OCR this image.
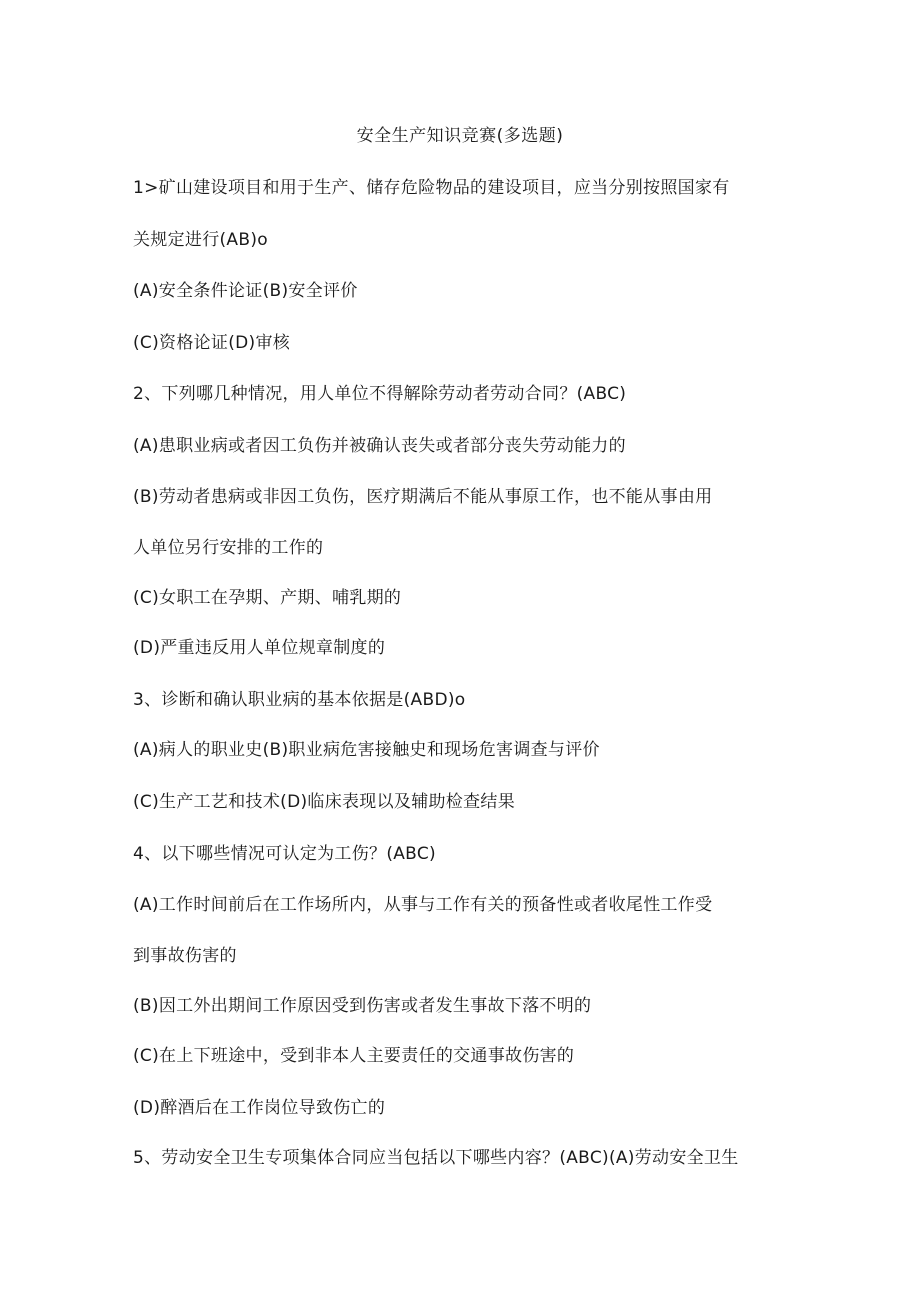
安全生产知识竞赛(多选题)
1>矿山建设项目和用于生产、储存危险物品的建设项目，应当分别按照国家有
关规定进行(AB)o
(A)安全条件论证(B)安全评价
(C)资格论证(D)审核
2、下列哪几种情况，用人单位不得解除劳动者劳动合同？(ABC)
(A)患职业病或者因工负伤并被确认丧失或者部分丧失劳动能力的
(B)劳动者患病或非因工负伤，医疗期满后不能从事原工作，也不能从事由用
人单位另行安排的工作的
(C)女职工在孕期、产期、哺乳期的
(D)严重违反用人单位规章制度的
3、诊断和确认职业病的基本依据是(ABD)o
(A)病人的职业史(B)职业病危害接触史和现场危害调查与评价
(C)生产工艺和技术(D)临床表现以及辅助检查结果
4、以下哪些情况可认定为工伤？(ABC)
(A)工作时间前后在工作场所内，从事与工作有关的预备性或者收尾性工作受
到事故伤害的
(B)因工外出期间工作原因受到伤害或者发生事故下落不明的
(C)在上下班途中，受到非本人主要责任的交通事故伤害的
(D)醉酒后在工作岗位导致伤亡的
5、劳动安全卫生专项集体合同应当包括以下哪些内容？(ABC)(A)劳动安全卫生
